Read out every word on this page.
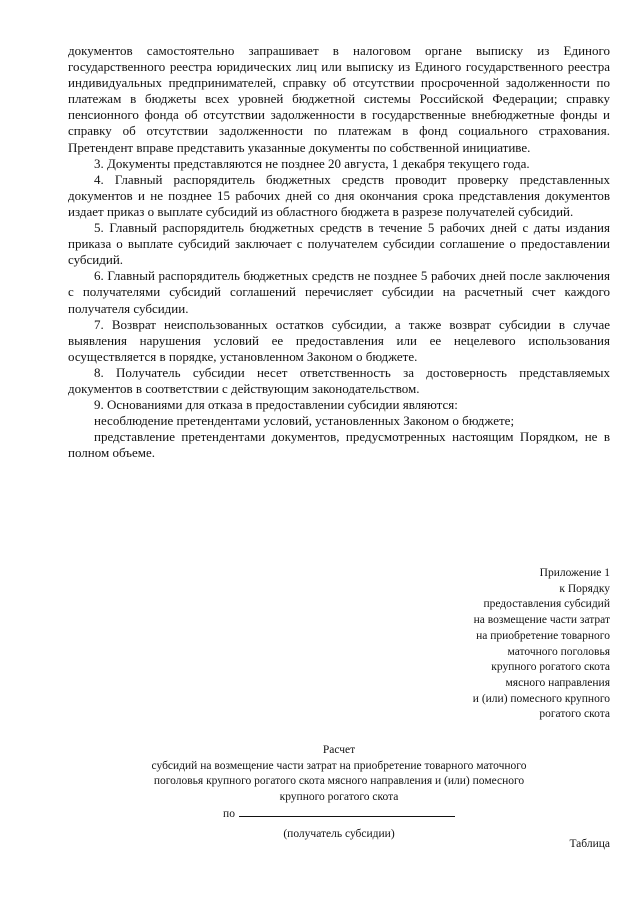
документов самостоятельно запрашивает в налоговом органе выписку из Единого государственного реестра юридических лиц или выписку из Единого государственного реестра индивидуальных предпринимателей, справку об отсутствии просроченной задолженности по платежам в бюджеты всех уровней бюджетной системы Российской Федерации; справку пенсионного фонда об отсутствии задолженности в государственные внебюджетные фонды и справку об отсутствии задолженности по платежам в фонд социального страхования. Претендент вправе представить указанные документы по собственной инициативе.

3. Документы представляются не позднее 20 августа, 1 декабря текущего года.

4. Главный распорядитель бюджетных средств проводит проверку представленных документов и не позднее 15 рабочих дней со дня окончания срока представления документов издает приказ о выплате субсидий из областного бюджета в разрезе получателей субсидий.

5. Главный распорядитель бюджетных средств в течение 5 рабочих дней с даты издания приказа о выплате субсидий заключает с получателем субсидии соглашение о предоставлении субсидий.

6. Главный распорядитель бюджетных средств не позднее 5 рабочих дней после заключения с получателями субсидий соглашений перечисляет субсидии на расчетный счет каждого получателя субсидии.

7. Возврат неиспользованных остатков субсидии, а также возврат субсидии в случае выявления нарушения условий ее предоставления или ее нецелевого использования осуществляется в порядке, установленном Законом о бюджете.

8. Получатель субсидии несет ответственность за достоверность представляемых документов в соответствии с действующим законодательством.

9. Основаниями для отказа в предоставлении субсидии являются:

несоблюдение претендентами условий, установленных Законом о бюджете;

представление претендентами документов, предусмотренных настоящим Порядком, не в полном объеме.

Приложение 1
к Порядку
предоставления субсидий
на возмещение части затрат
на приобретение товарного
маточного поголовья
крупного рогатого скота
мясного направления
и (или) помесного крупного
рогатого скота
Расчет
субсидий на возмещение части затрат на приобретение товарного маточного
поголовья крупного рогатого скота мясного направления и (или) помесного
крупного рогатого скота
по
(получатель субсидии)
Таблица
